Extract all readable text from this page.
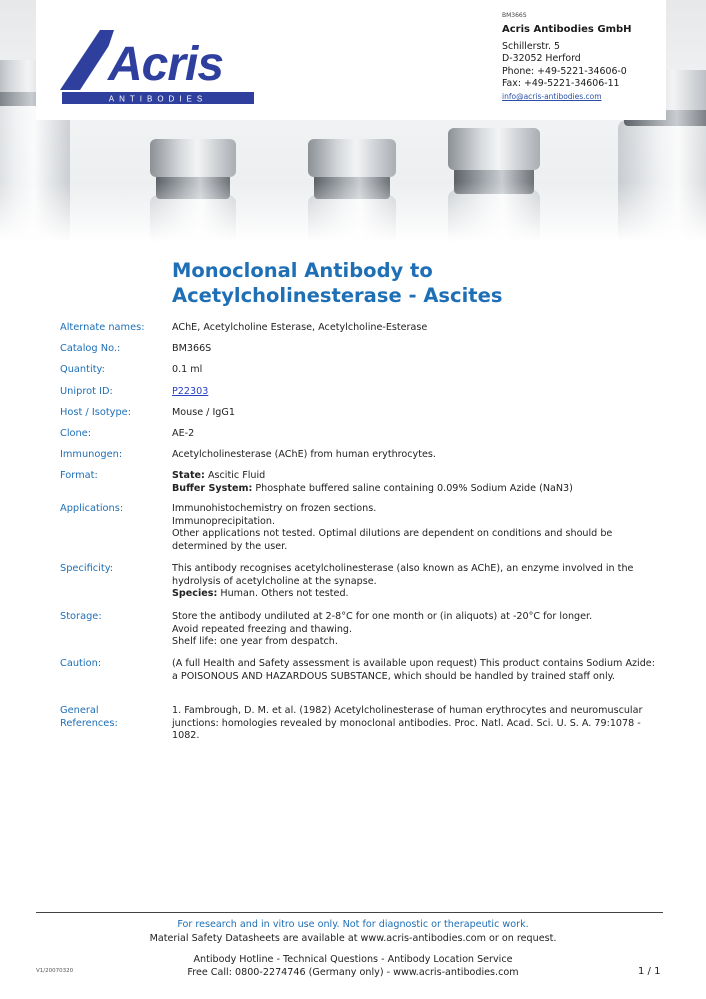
Acris
ANTIBODIES
BM366S
Acris Antibodies GmbH
Schillerstr. 5
D-32052 Herford
Phone: +49-5221-34606-0
Fax: +49-5221-34606-11
info@acris-antibodies.com
Monoclonal Antibody to
Acetylcholinesterase - Ascites
Alternate names:	AChE, Acetylcholine Esterase, Acetylcholine-Esterase
Catalog No.:	BM366S
Quantity:	0.1 ml
Uniprot ID:	P22303
Host / Isotype:	Mouse / IgG1
Clone:	AE-2
Immunogen:	Acetylcholinesterase (AChE) from human erythrocytes.
Format:	State: Ascitic Fluid
Buffer System: Phosphate buffered saline containing 0.09% Sodium Azide (NaN3)
Applications:	Immunohistochemistry on frozen sections.
Immunoprecipitation.
Other applications not tested. Optimal dilutions are dependent on conditions and should be determined by the user.
Specificity:	This antibody recognises acetylcholinesterase (also known as AChE), an enzyme involved in the hydrolysis of acetylcholine at the synapse.
Species: Human. Others not tested.
Storage:	Store the antibody undiluted at 2-8°C for one month or (in aliquots) at -20°C for longer.
Avoid repeated freezing and thawing.
Shelf life: one year from despatch.
Caution:	(A full Health and Safety assessment is available upon request) This product contains Sodium Azide: a POISONOUS AND HAZARDOUS SUBSTANCE, which should be handled by trained staff only.
General
References:
1. Fambrough, D. M. et al. (1982) Acetylcholinesterase of human erythrocytes and neuromuscular junctions: homologies revealed by monoclonal antibodies. Proc. Natl. Acad. Sci. U. S. A. 79:1078 - 1082.
For research and in vitro use only. Not for diagnostic or therapeutic work.
Material Safety Datasheets are available at www.acris-antibodies.com or on request.
Antibody Hotline - Technical Questions - Antibody Location Service
Free Call: 0800-2274746 (Germany only) - www.acris-antibodies.com
V1/20070320	1 / 1
